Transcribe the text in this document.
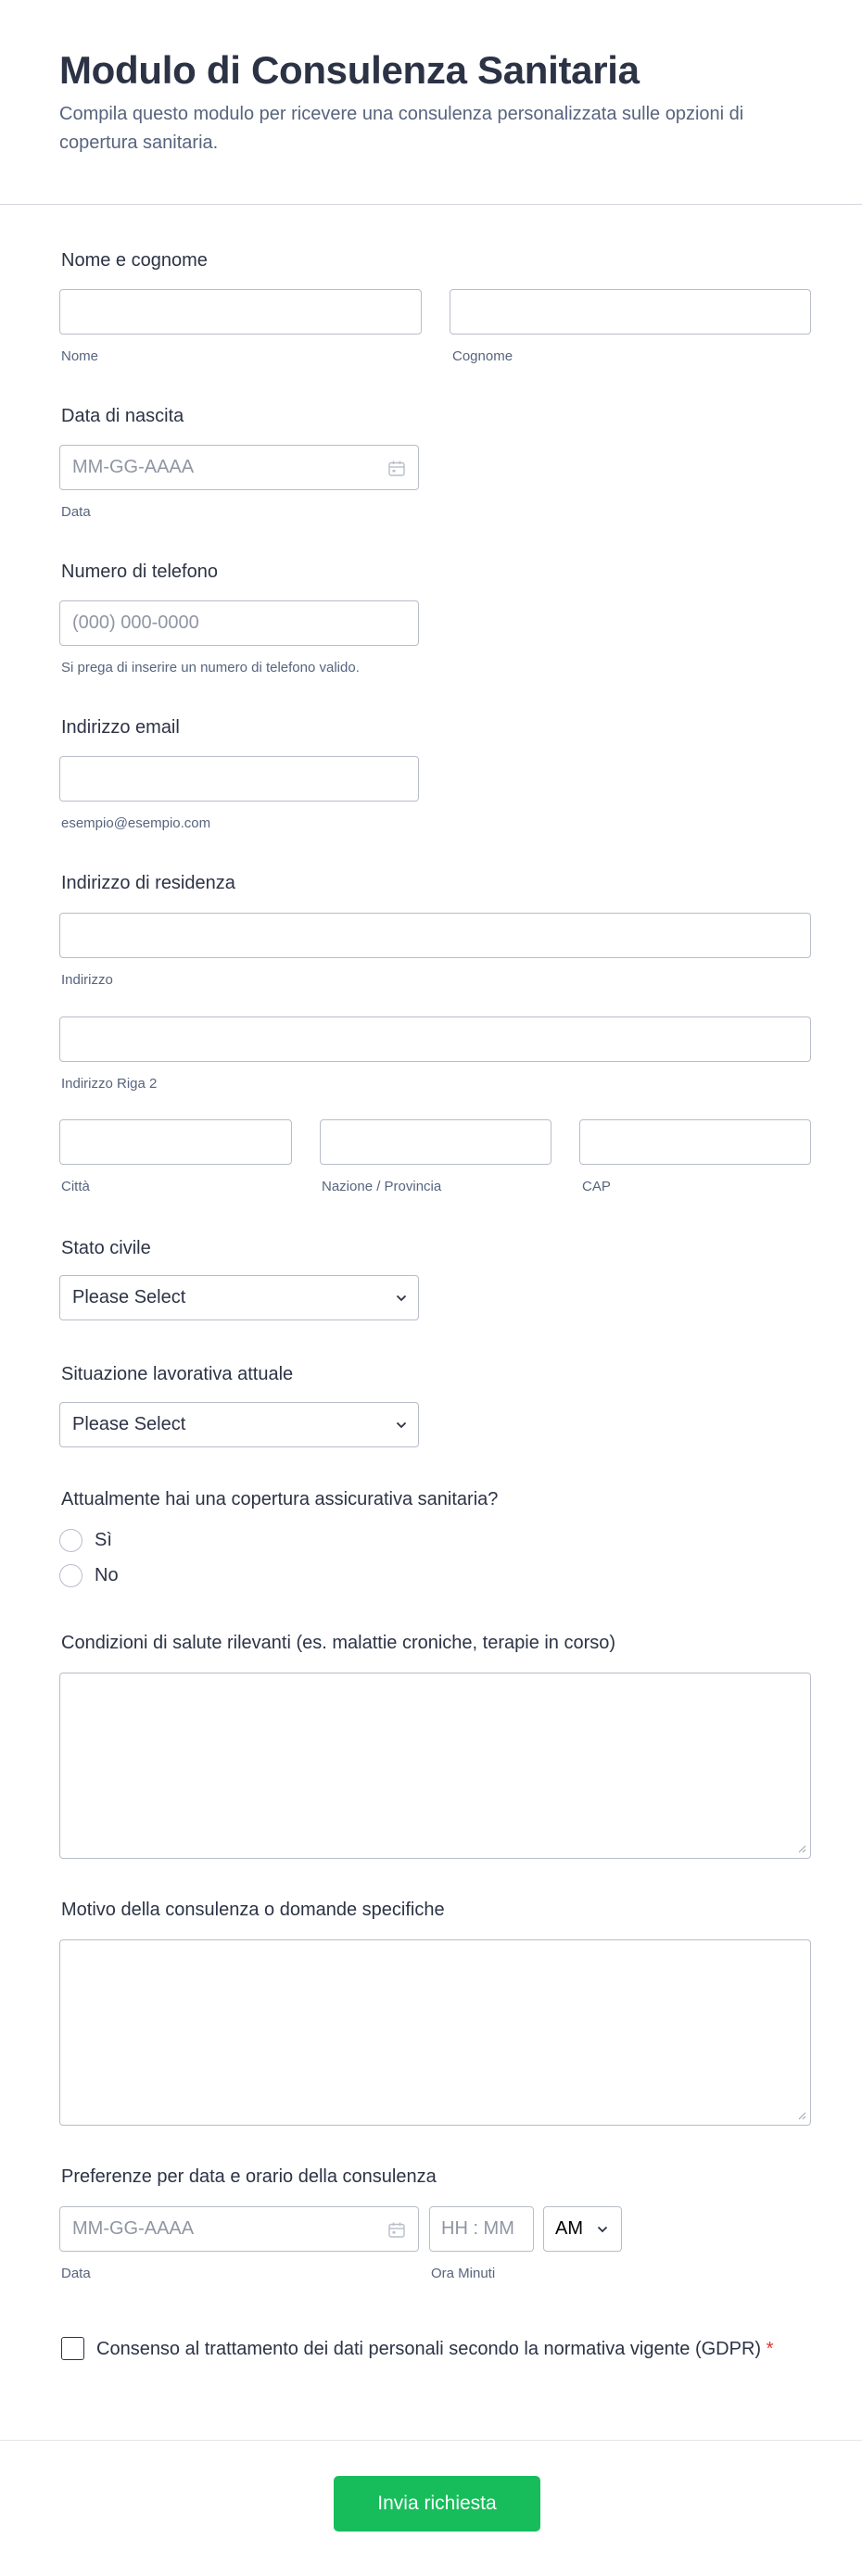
Modulo di Consulenza Sanitaria

Compila questo modulo per ricevere una consulenza personalizzata sulle opzioni di copertura sanitaria.

Nome e cognome
Nome	Cognome
Data di nascita
MM-GG-AAAA
Data
Numero di telefono
(000) 000-0000
Si prega di inserire un numero di telefono valido.
Indirizzo email
esempio@esempio.com
Indirizzo di residenza
Indirizzo
Indirizzo Riga 2
Città	Nazione / Provincia	CAP
Stato civile
Please Select
Situazione lavorativa attuale
Please Select
Attualmente hai una copertura assicurativa sanitaria?
Sì
No
Condizioni di salute rilevanti (es. malattie croniche, terapie in corso)
Motivo della consulenza o domande specifiche
Preferenze per data e orario della consulenza
MM-GG-AAAA
HH : MM
AM
Data	Ora Minuti
Consenso al trattamento dei dati personali secondo la normativa vigente (GDPR) *
Invia richiesta
